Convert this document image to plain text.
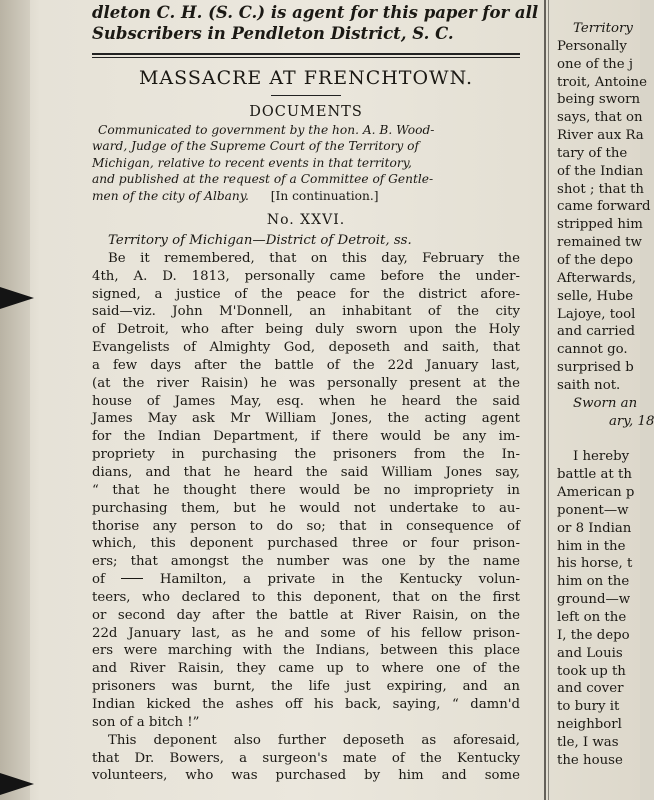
dleton C. H. (S. C.) is agent for this paper for all
Subscribers in Pendleton District, S. C.
MASSACRE AT FRENCHTOWN.
DOCUMENTS
Communicated to government by the hon. A. B. Wood-
ward, Judge of the Supreme Court of the Territory of
Michigan, relative to recent events in that territory,
and published at the request of a Committee of Gentle-
men of the city of Albany. [In continuation.]
No. XXVI.
Territory of Michigan—District of Detroit, ss.
Be it remembered, that on this day, February the
4th, A. D. 1813, personally came before the under-
signed, a justice of the peace for the district afore-
said—viz. John M'Donnell, an inhabitant of the city
of Detroit, who after being duly sworn upon the Holy
Evangelists of Almighty God, deposeth and saith, that
a few days after the battle of the 22d January last,
(at the river Raisin) he was personally present at the
house of James May, esq. when he heard the said
James May ask Mr William Jones, the acting agent
for the Indian Department, if there would be any im-
propriety in purchasing the prisoners from the In-
dians, and that he heard the said William Jones say,
“ that he thought there would be no impropriety in
purchasing them, but he would not undertake to au-
thorise any person to do so; that in consequence of
which, this deponent purchased three or four prison-
ers; that amongst the number was one by the name
of	Hamilton, a private in the Kentucky volun-
teers, who declared to this deponent, that on the first
or second day after the battle at River Raisin, on the
22d January last, as he and some of his fellow prison-
ers were marching with the Indians, between this place
and River Raisin, they came up to where one of the
prisoners was burnt, the life just expiring, and an
Indian kicked the ashes off his back, saying, “ damn'd
son of a bitch !”
This deponent also further deposeth as aforesaid,
that Dr. Bowers, a surgeon's mate of the Kentucky
volunteers, who was purchased by him and some
Territory
Personally
one of the j
troit, Antoine
being sworn
says, that on
River aux Ra
tary of the
of the Indian
shot ; that th
came forward
stripped him
remained tw
of the depo
Afterwards,
selle, Hube
Lajoye, tool
and carried
cannot go.
surprised b
saith not.
Sworn an
ary, 18
I hereby
battle at th
American p
ponent—w
or 8 Indian
him in the
his horse, t
him on the
ground—w
left on the
I, the depo
and Louis
took up th
and cover
to bury it
neighborl
tle, I was
the house
